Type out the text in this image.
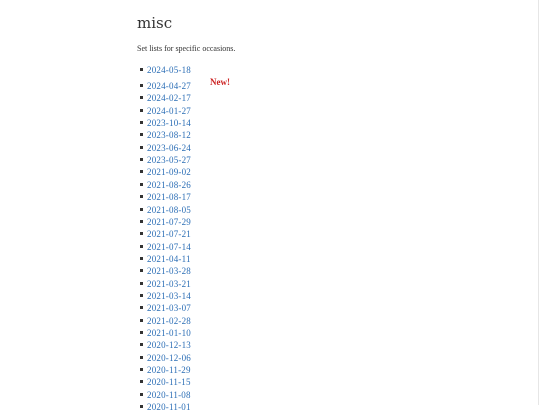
misc

Set lists for specific occasions.

New!
2024-05-18
2024-04-27
2024-02-17
2024-01-27
2023-10-14
2023-08-12
2023-06-24
2023-05-27
2021-09-02
2021-08-26
2021-08-17
2021-08-05
2021-07-29
2021-07-21
2021-07-14
2021-04-11
2021-03-28
2021-03-21
2021-03-14
2021-03-07
2021-02-28
2021-01-10
2020-12-13
2020-12-06
2020-11-29
2020-11-15
2020-11-08
2020-11-01
